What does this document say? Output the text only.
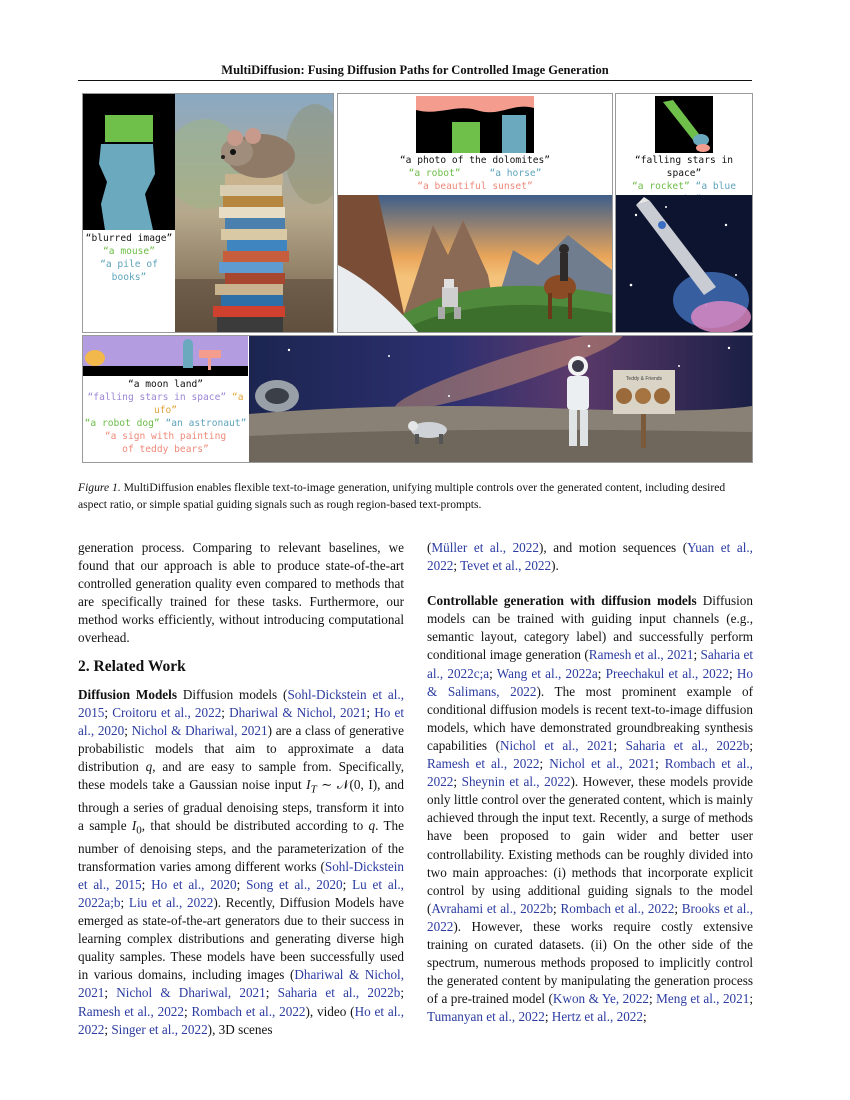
MultiDiffusion: Fusing Diffusion Paths for Controlled Image Generation
“blurred image”
“a mouse”
“a pile of
books”
“a photo of the dolomites”
“a robot”	“a horse”
“a beautiful sunset”
“falling stars in space”
“a rocket” “a blue
“a moon land”
“falling stars in space” “a ufo”
“a robot dog” “an astronaut”
“a sign with painting
of teddy bears”
Teddy & Friends
Figure 1. MultiDiffusion enables flexible text-to-image generation, unifying multiple controls over the generated content, including desired aspect ratio, or simple spatial guiding signals such as rough region-based text-prompts.

generation process. Comparing to relevant baselines, we found that our approach is able to produce state-of-the-art controlled generation quality even compared to methods that are specifically trained for these tasks. Furthermore, our method works efficiently, without introducing computational overhead.

2. Related Work

Diffusion Models Diffusion models (Sohl-Dickstein et al., 2015; Croitoru et al., 2022; Dhariwal & Nichol, 2021; Ho et al., 2020; Nichol & Dhariwal, 2021) are a class of generative probabilistic models that aim to approximate a data distribution q, and are easy to sample from. Specifically, these models take a Gaussian noise input $I_T$ ∼ 𝒩(0, I), and through a series of gradual denoising steps, transform it into a sample $I_0$, that should be distributed according to q. The number of denoising steps, and the parameterization of the transformation varies among different works (Sohl-Dickstein et al., 2015; Ho et al., 2020; Song et al., 2020; Lu et al., 2022a;b; Liu et al., 2022). Recently, Diffusion Models have emerged as state-of-the-art generators due to their success in learning complex distributions and generating diverse high quality samples. These models have been successfully used in various domains, including images (Dhariwal & Nichol, 2021; Nichol & Dhariwal, 2021; Saharia et al., 2022b; Ramesh et al., 2022; Rombach et al., 2022), video (Ho et al., 2022; Singer et al., 2022), 3D scenes

(Müller et al., 2022), and motion sequences (Yuan et al., 2022; Tevet et al., 2022).

Controllable generation with diffusion models Diffusion models can be trained with guiding input channels (e.g., semantic layout, category label) and successfully perform conditional image generation (Ramesh et al., 2021; Saharia et al., 2022c;a; Wang et al., 2022a; Preechakul et al., 2022; Ho & Salimans, 2022). The most prominent example of conditional diffusion models is recent text-to-image diffusion models, which have demonstrated groundbreaking synthesis capabilities (Nichol et al., 2021; Saharia et al., 2022b; Ramesh et al., 2022; Nichol et al., 2021; Rombach et al., 2022; Sheynin et al., 2022). However, these models provide only little control over the generated content, which is mainly achieved through the input text. Recently, a surge of methods have been proposed to gain wider and better user controllability. Existing methods can be roughly divided into two main approaches: (i) methods that incorporate explicit control by using additional guiding signals to the model (Avrahami et al., 2022b; Rombach et al., 2022; Brooks et al., 2022). However, these works require costly extensive training on curated datasets. (ii) On the other side of the spectrum, numerous methods proposed to implicitly control the generated content by manipulating the generation process of a pre-trained model (Kwon & Ye, 2022; Meng et al., 2021; Tumanyan et al., 2022; Hertz et al., 2022;
